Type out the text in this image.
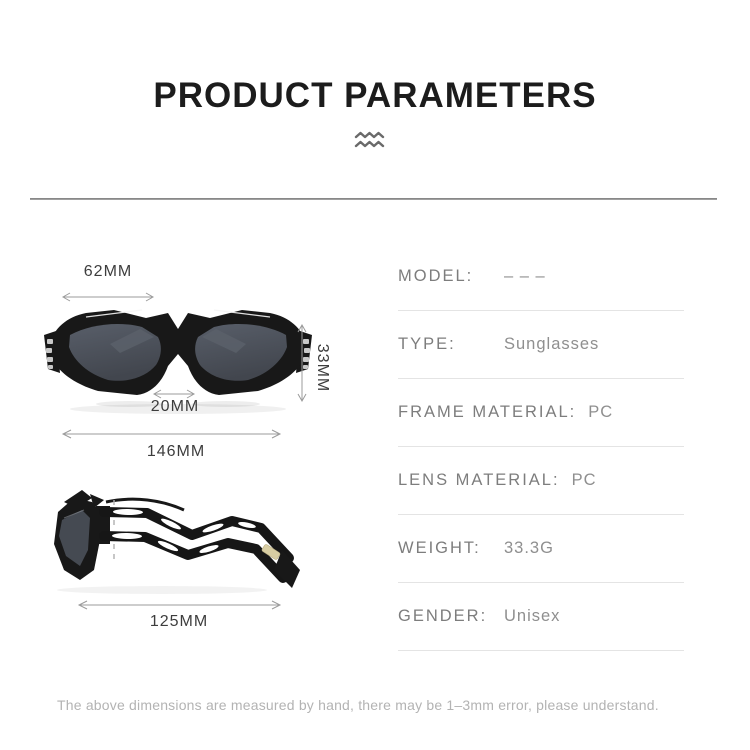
PRODUCT PARAMETERS
62MM
33MM
20MM
146MM
125MM
MODEL:	– – –
TYPE:	Sunglasses
FRAME MATERIAL: PC
LENS MATERIAL: PC
WEIGHT:	33.3G
GENDER: Unisex
The above dimensions are measured by hand, there may be 1–3mm error, please understand.
